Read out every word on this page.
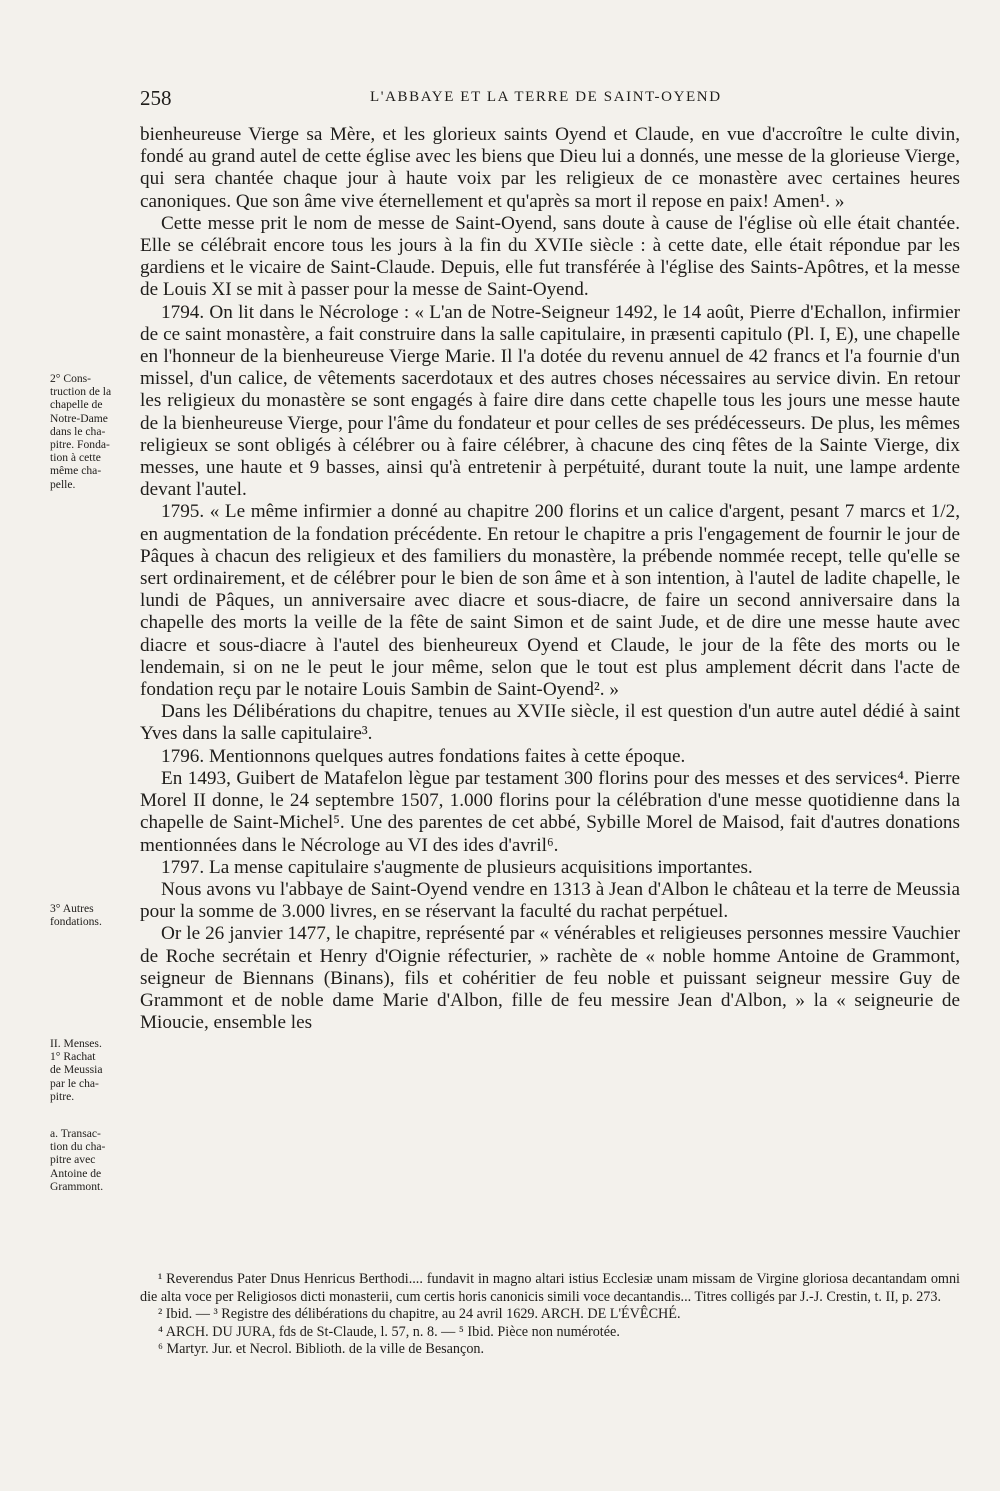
258	L'ABBAYE ET LA TERRE DE SAINT-OYEND

bienheureuse Vierge sa Mère, et les glorieux saints Oyend et Claude, en vue d'accroître le culte divin, fondé au grand autel de cette église avec les biens que Dieu lui a donnés, une messe de la glorieuse Vierge, qui sera chantée chaque jour à haute voix par les religieux de ce monastère avec certaines heures canoniques. Que son âme vive éternellement et qu'après sa mort il repose en paix! Amen¹. »

Cette messe prit le nom de messe de Saint-Oyend, sans doute à cause de l'église où elle était chantée. Elle se célébrait encore tous les jours à la fin du XVIIe siècle : à cette date, elle était répondue par les gardiens et le vicaire de Saint-Claude. Depuis, elle fut transférée à l'église des Saints-Apôtres, et la messe de Louis XI se mit à passer pour la messe de Saint-Oyend.

1794. On lit dans le Nécrologe : « L'an de Notre-Seigneur 1492, le 14 août, Pierre d'Echallon, infirmier de ce saint monastère, a fait construire dans la salle capitulaire, in præsenti capitulo (Pl. I, E), une chapelle en l'honneur de la bienheureuse Vierge Marie. Il l'a dotée du revenu annuel de 42 francs et l'a fournie d'un missel, d'un calice, de vêtements sacerdotaux et des autres choses nécessaires au service divin. En retour les religieux du monastère se sont engagés à faire dire dans cette chapelle tous les jours une messe haute de la bienheureuse Vierge, pour l'âme du fondateur et pour celles de ses prédécesseurs. De plus, les mêmes religieux se sont obligés à célébrer ou à faire célébrer, à chacune des cinq fêtes de la Sainte Vierge, dix messes, une haute et 9 basses, ainsi qu'à entretenir à perpétuité, durant toute la nuit, une lampe ardente devant l'autel.

1795. « Le même infirmier a donné au chapitre 200 florins et un calice d'argent, pesant 7 marcs et 1/2, en augmentation de la fondation précédente. En retour le chapitre a pris l'engagement de fournir le jour de Pâques à chacun des religieux et des familiers du monastère, la prébende nommée recept, telle qu'elle se sert ordinairement, et de célébrer pour le bien de son âme et à son intention, à l'autel de ladite chapelle, le lundi de Pâques, un anniversaire avec diacre et sous-diacre, de faire un second anniversaire dans la chapelle des morts la veille de la fête de saint Simon et de saint Jude, et de dire une messe haute avec diacre et sous-diacre à l'autel des bienheureux Oyend et Claude, le jour de la fête des morts ou le lendemain, si on ne le peut le jour même, selon que le tout est plus amplement décrit dans l'acte de fondation reçu par le notaire Louis Sambin de Saint-Oyend². »

Dans les Délibérations du chapitre, tenues au XVIIe siècle, il est question d'un autre autel dédié à saint Yves dans la salle capitulaire³.

1796. Mentionnons quelques autres fondations faites à cette époque.

En 1493, Guibert de Matafelon lègue par testament 300 florins pour des messes et des services⁴. Pierre Morel II donne, le 24 septembre 1507, 1.000 florins pour la célébration d'une messe quotidienne dans la chapelle de Saint-Michel⁵. Une des parentes de cet abbé, Sybille Morel de Maisod, fait d'autres donations mentionnées dans le Nécrologe au VI des ides d'avril⁶.

1797. La mense capitulaire s'augmente de plusieurs acquisitions importantes.

Nous avons vu l'abbaye de Saint-Oyend vendre en 1313 à Jean d'Albon le château et la terre de Meussia pour la somme de 3.000 livres, en se réservant la faculté du rachat perpétuel.

Or le 26 janvier 1477, le chapitre, représenté par « vénérables et religieuses personnes messire Vauchier de Roche secrétain et Henry d'Oignie réfecturier, » rachète de « noble homme Antoine de Grammont, seigneur de Biennans (Binans), fils et cohéritier de feu noble et puissant seigneur messire Guy de Grammont et de noble dame Marie d'Albon, fille de feu messire Jean d'Albon, » la « seigneurie de Mioucie, ensemble les

2° Cons-
truction de la
chapelle de
Notre-Dame
dans le cha-
pitre. Fonda-
tion à cette
même cha-
pelle.
3° Autres
fondations.
II. Menses.
1° Rachat
de Meussia
par le cha-
pitre.
a. Transac-
tion du cha-
pitre avec
Antoine de
Grammont.

¹ Reverendus Pater Dnus Henricus Berthodi.... fundavit in magno altari istius Ecclesiæ unam missam de Virgine gloriosa decantandam omni die alta voce per Religiosos dicti monasterii, cum certis horis canonicis simili voce decantandis... Titres colligés par J.-J. Crestin, t. II, p. 273.

² Ibid. — ³ Registre des délibérations du chapitre, au 24 avril 1629. ARCH. DE L'ÉVÊCHÉ.

⁴ ARCH. DU JURA, fds de St-Claude, l. 57, n. 8. — ⁵ Ibid. Pièce non numérotée.

⁶ Martyr. Jur. et Necrol. Biblioth. de la ville de Besançon.
